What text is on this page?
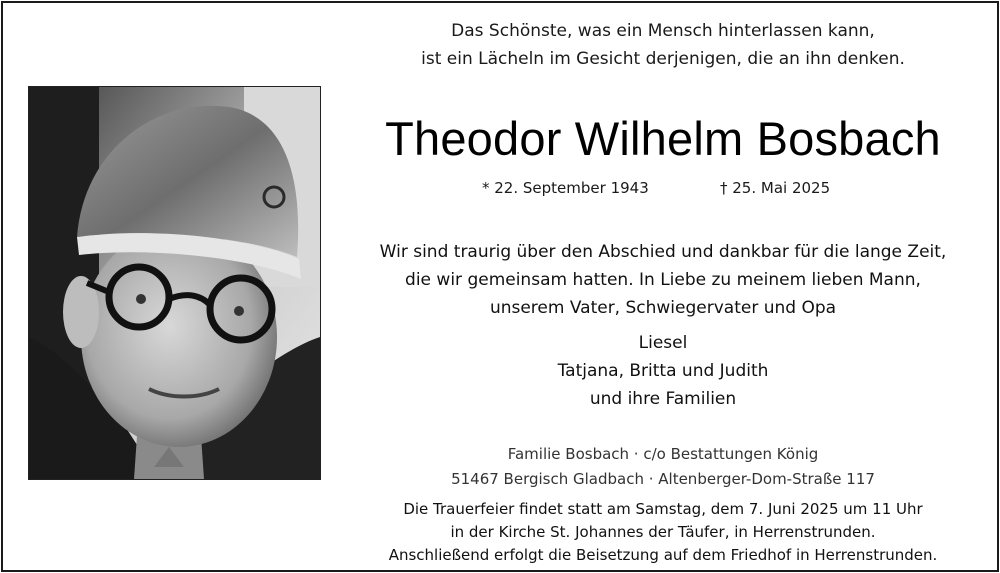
Das Schönste, was ein Mensch hinterlassen kann,
ist ein Lächeln im Gesicht derjenigen, die an ihn denken.
Theodor Wilhelm Bosbach
* 22. September 1943	† 25. Mai 2025
Wir sind traurig über den Abschied und dankbar für die lange Zeit,
die wir gemeinsam hatten. In Liebe zu meinem lieben Mann,
unserem Vater, Schwiegervater und Opa
Liesel
Tatjana, Britta und Judith
und ihre Familien
Familie Bosbach · c/o Bestattungen König
51467 Bergisch Gladbach · Altenberger-Dom-Straße 117
Die Trauerfeier findet statt am Samstag, dem 7. Juni 2025 um 11 Uhr
in der Kirche St. Johannes der Täufer, in Herrenstrunden.
Anschließend erfolgt die Beisetzung auf dem Friedhof in Herrenstrunden.
